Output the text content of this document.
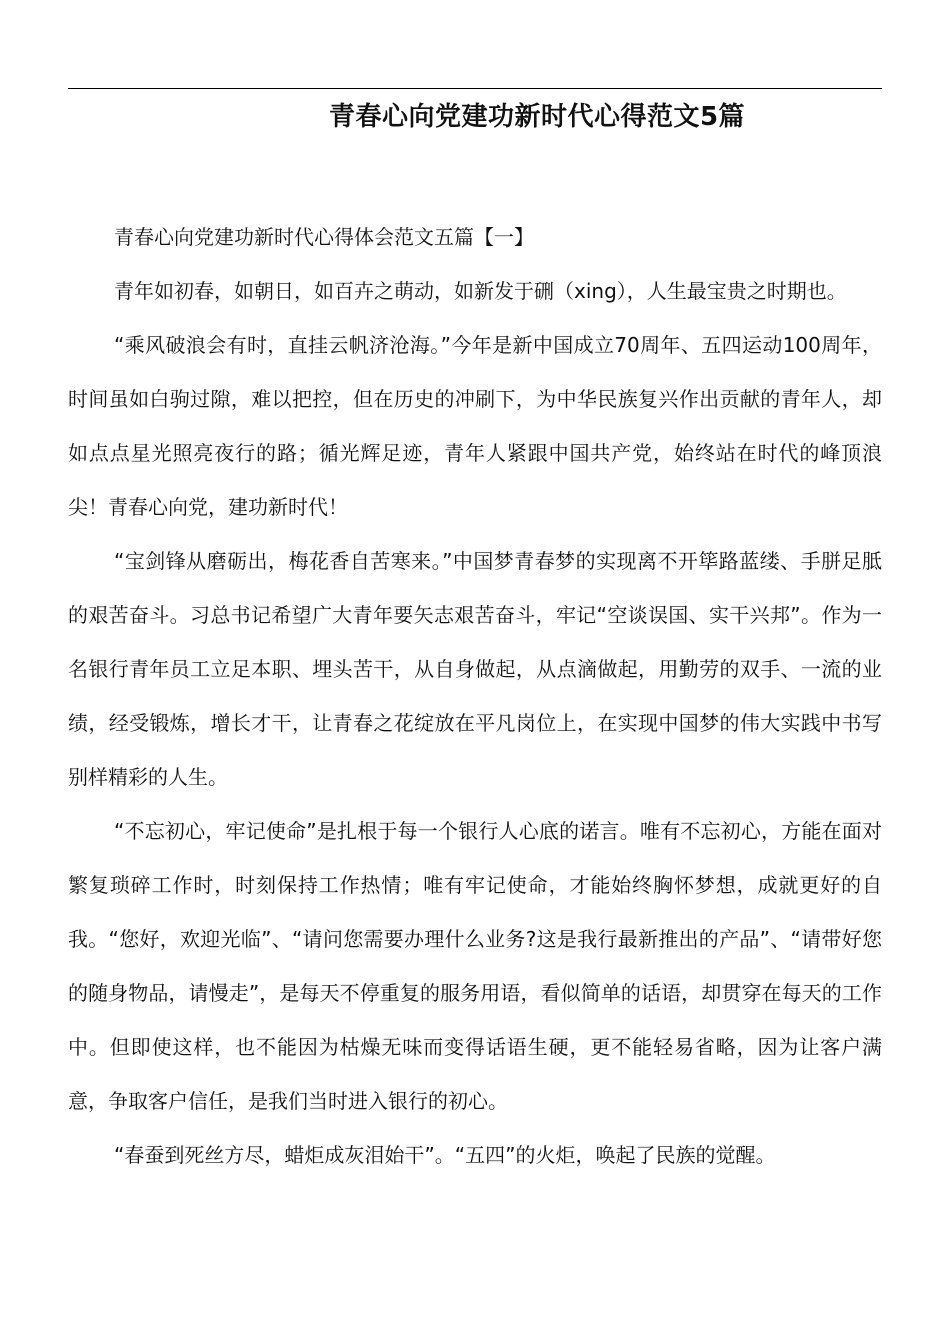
青春心向党建功新时代心得范文5篇

青春心向党建功新时代心得体会范文五篇【一】

青年如初春，如朝日，如百卉之萌动，如新发于硎（xing），人生最宝贵之时期也。

“乘风破浪会有时，直挂云帆济沧海。”今年是新中国成立70周年、五四运动100周年，时间虽如白驹过隙，难以把控，但在历史的冲刷下，为中华民族复兴作出贡献的青年人，却如点点星光照亮夜行的路；循光辉足迹，青年人紧跟中国共产党，始终站在时代的峰顶浪尖！青春心向党，建功新时代！

“宝剑锋从磨砺出，梅花香自苦寒来。”中国梦青春梦的实现离不开筚路蓝缕、手胼足胝的艰苦奋斗。习总书记希望广大青年要矢志艰苦奋斗，牢记“空谈误国、实干兴邦”。作为一名银行青年员工立足本职、埋头苦干，从自身做起，从点滴做起，用勤劳的双手、一流的业绩，经受锻炼，增长才干，让青春之花绽放在平凡岗位上，在实现中国梦的伟大实践中书写别样精彩的人生。

“不忘初心，牢记使命”是扎根于每一个银行人心底的诺言。唯有不忘初心，方能在面对繁复琐碎工作时，时刻保持工作热情；唯有牢记使命，才能始终胸怀梦想，成就更好的自我。“您好，欢迎光临”、“请问您需要办理什么业务?这是我行最新推出的产品”、“请带好您的随身物品，请慢走”，是每天不停重复的服务用语，看似简单的话语，却贯穿在每天的工作中。但即使这样，也不能因为枯燥无味而变得话语生硬，更不能轻易省略，因为让客户满意，争取客户信任，是我们当时进入银行的初心。

“春蚕到死丝方尽，蜡炬成灰泪始干”。“五四”的火炬，唤起了民族的觉醒。
